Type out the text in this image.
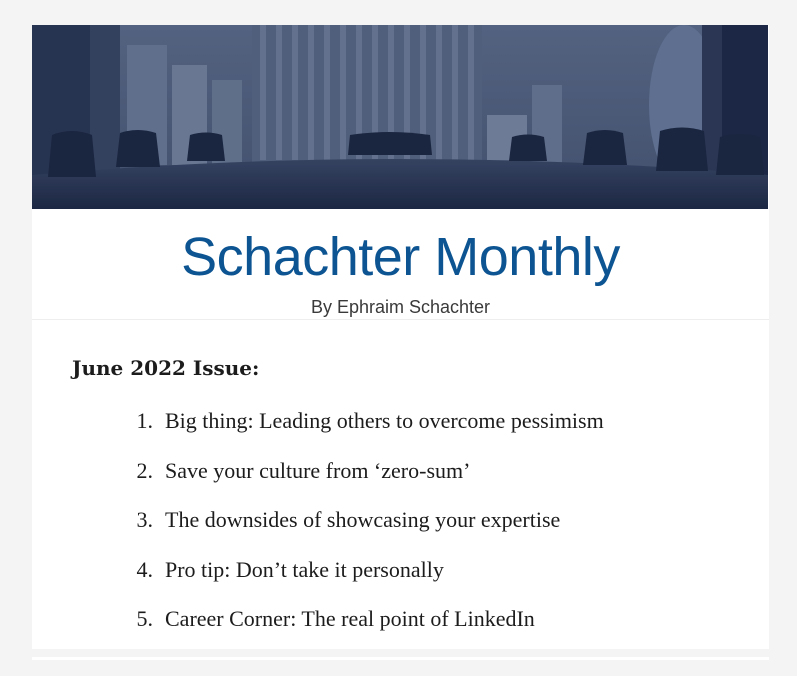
Schachter Monthly
By Ephraim Schachter
June 2022 Issue:
1. Big thing: Leading others to overcome pessimism
2. Save your culture from ‘zero-sum’
3. The downsides of showcasing your expertise
4. Pro tip: Don’t take it personally
5. Career Corner: The real point of LinkedIn
